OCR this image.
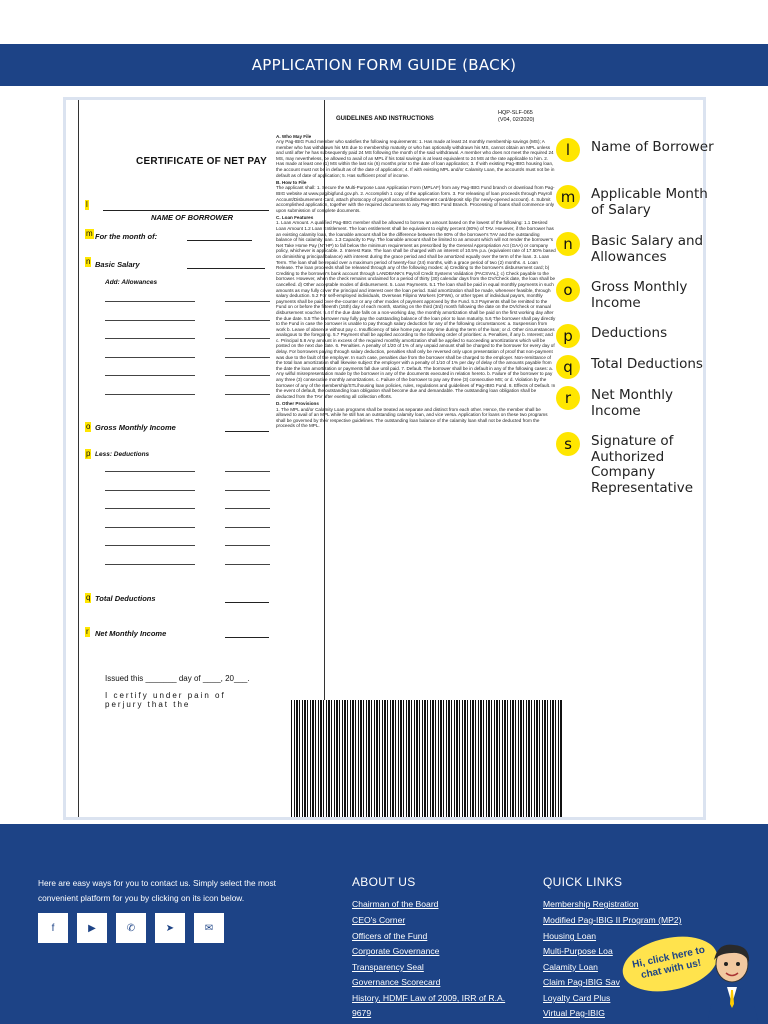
APPLICATION FORM GUIDE (BACK)
CERTIFICATE OF NET PAY
l
NAME OF BORROWER
m For the month of:
n Basic Salary
Add: Allowances
o Gross Monthly Income
p Less: Deductions
q Total Deductions
r Net Monthly Income
Issued this _______ day of ____, 20___.
I certify under pain of perjury that the
GUIDELINES AND INSTRUCTIONS
HQP-SLF-065
(V04, 02/2020)

A. Who May File

Any Pag-IBIG Fund member who satisfies the following requirements: 1. Has made at least 24 monthly membership savings (MS); A member who has withdrawn his MS due to membership maturity or who has optionally withdrawn his MS, cannot obtain an MPL unless and until after he has subsequently paid 24 MS following the month of the said withdrawal. A member who does not meet the required 24 MS, may nevertheless, be allowed to avail of an MPL if his total savings is at least equivalent to 24 MS at the rate applicable to him. 2. Has made at least one (1) MS within the last six (6) months prior to the date of loan application; 3. If with existing Pag-IBIG housing loan, the account must not be in default as of the date of application; 4. If with existing MPL and/or Calamity Loan, the account/s must not be in default as of date of application; 5. Has sufficient proof of income.

B. How to File

The applicant shall: 1. Secure the Multi-Purpose Loan Application Form (MPLAF) from any Pag-IBIG Fund branch or download from Pag-IBIG website at www.pagibigfund.gov.ph. 2. Accomplish 1 copy of the application form. 3. For releasing of loan proceeds through Payroll Account/Disbursement Card, attach photocopy of payroll account/disbursement card/deposit slip (for newly-opened account). 4. Submit accomplished application, together with the required documents to any Pag-IBIG Fund Branch. Processing of loans shall commence only upon submission of complete documents.

C. Loan Features

1. Loan Amount. A qualified Pag-IBIG member shall be allowed to borrow an amount based on the lowest of the following: 1.1 Desired Loan Amount 1.2 Loan Entitlement. The loan entitlement shall be equivalent to eighty percent (80%) of TAV. However, if the borrower has an existing calamity loan, the loanable amount shall be the difference between the 80% of the borrower's TAV and the outstanding balance of his calamity loan. 1.3 Capacity to Pay. The loanable amount shall be limited to an amount which will not render the borrower's Net Take Home Pay (NTHP) to fall below the minimum requirement as prescribed by the General Appropriation Act (GAA) or company policy, whichever is applicable. 2. Interest Rate. The loan shall be charged with an interest of 10.5% p.a. (equivalent rate of 17.50% based on diminishing principal balance) with interest during the grace period and shall be amortized equally over the term of the loan. 3. Loan Term. The loan shall be repaid over a maximum period of twenty-four (24) months, with a grace period of two (2) months. 4. Loan Release. The loan proceeds shall be released through any of the following modes: a) Crediting to the borrower's disbursement card; b) Crediting to the borrower's bank account through LANDBANK's Payroll Credit Systems Validation (PACSVAL); c) Check payable to the borrower. However, when the check remains unclaimed for a period of thirty (30) calendar days from the DV/Check date, the loan shall be cancelled. d) Other acceptable modes of disbursement. 5. Loan Payments. 5.1 The loan shall be paid in equal monthly payments in such amounts as may fully cover the principal and interest over the loan period. Said amortization shall be made, whenever feasible, through salary deduction. 5.2 For self-employed individuals, Overseas Filipino Workers (OFWs), or other types of individual payors, monthly payments shall be paid over-the-counter or any other modes of payment approved by the Fund. 5.3 Payments shall be remitted to the Fund on or before the fifteenth (15th) day of each month, starting on the third (3rd) month following the date on the DV/check or manual disbursement voucher. 5.4 If the due date falls on a non-working day, the monthly amortization shall be paid on the first working day after the due date. 5.5 The borrower may fully pay the outstanding balance of the loan prior to loan maturity. 5.6 The borrower shall pay directly to the Fund in case the borrower is unable to pay through salary deduction for any of the following circumstances: a. Suspension from work b. Leave of absence without pay c. Insufficiency of take home pay at any time during the term of the loan; or d. Other circumstances analogous to the foregoing. 5.7 Payment shall be applied according to the following order of priorities: a. Penalties, if any b. Interest; and c. Principal 5.8 Any amount in excess of the required monthly amortization shall be applied to succeeding amortizations which will be posted on the next due date. 6. Penalties. A penalty of 1/20 of 1% of any unpaid amount shall be charged to the borrower for every day of delay. For borrowers paying through salary deduction, penalties shall only be reversed only upon presentation of proof that non-payment was due to the fault of the employer. In such case, penalties due from the borrower shall be charged to the employer. Non-remittance of the total loan amortization shall likewise subject the employer with a penalty of 1/10 of 1% per day of delay of the amounts payable from the date the loan amortization or payments fall due until paid. 7. Default. The borrower shall be in default in any of the following cases: a. Any wilful misrepresentation made by the borrower in any of the documents executed in relation hereto. b. Failure of the borrower to pay any three (3) consecutive monthly amortizations. c. Failure of the borrower to pay any three (3) consecutive MS; or d. Violation by the borrower of any of the membership/STL/housing loan policies, rules, regulations and guidelines of Pag-IBIG Fund. 8. Effects of Default. In the event of default, the outstanding loan obligation shall become due and demandable. The outstanding loan obligation shall be deducted from the TAV after exerting all collection efforts.

D. Other Provisions

1. The MPL and/or Calamity Loan programs shall be treated as separate and distinct from each other. Hence, the member shall be allowed to avail of an MPL while he still has an outstanding calamity loan, and vice versa. Application for loans on these two programs shall be governed by their respective guidelines. The outstanding loan balance of the calamity loan shall not be deducted from the proceeds of the MPL.

l	Name of Borrower
m	Applicable Month of Salary
n	Basic Salary and Allowances
o	Gross Monthly Income
p	Deductions
q	Total Deductions
r	Net Monthly Income
s	Signature of Authorized Company Representative
Here are easy ways for you to contact us. Simply select the most convenient platform for you by clicking on its icon below.
f	▶	✆	➤	✉
ABOUT US
Chairman of the Board
CEO's Corner
Officers of the Fund
Corporate Governance
Transparency Seal
Governance Scorecard
History, HDMF Law of 2009, IRR of R.A.
9679
QUICK LINKS
Membership Registration
Modified Pag-IBIG II Program (MP2)
Housing Loan
Multi-Purpose Loa
Calamity Loan
Claim Pag-IBIG Sav
Loyalty Card Plus
Virtual Pag-IBIG
Hi, click here to chat with us!
